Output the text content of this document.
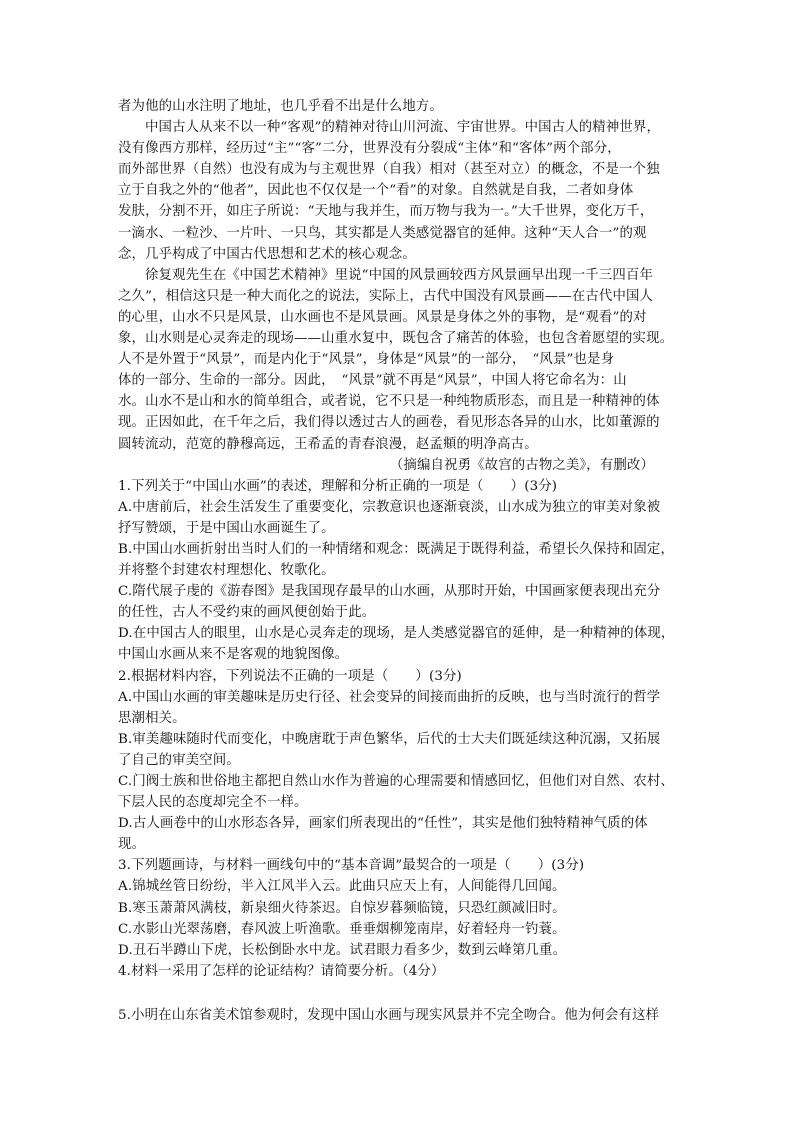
者为他的山水注明了地址，也几乎看不出是什么地方。
中国古人从来不以一种“客观”的精神对待山川河流、宇宙世界。中国古人的精神世界，
没有像西方那样，经历过“主”“客”二分，世界没有分裂成“主体”和“客体”两个部分，
而外部世界（自然）也没有成为与主观世界（自我）相对（甚至对立）的概念，不是一个独
立于自我之外的“他者”，因此也不仅仅是一个“看”的对象。自然就是自我，二者如身体
发肤，分割不开，如庄子所说：“天地与我并生，而万物与我为一。”大千世界，变化万千，
一滴水、一粒沙、一片叶、一只鸟，其实都是人类感觉器官的延伸。这种“天人合一”的观
念，几乎构成了中国古代思想和艺术的核心观念。
徐复观先生在《中国艺术精神》里说“中国的风景画较西方风景画早出现一千三四百年
之久”，相信这只是一种大而化之的说法，实际上，古代中国没有风景画——在古代中国人
的心里，山水不只是风景，山水画也不是风景画。风景是身体之外的事物，是“观看”的对
象，山水则是心灵奔走的现场——山重水复中，既包含了痛苦的体验，也包含着愿望的实现。
人不是外置于“风景”，而是内化于“风景”，身体是“风景”的一部分，　“风景”也是身
体的一部分、生命的一部分。因此，　“风景”就不再是“风景”，中国人将它命名为：山
水。山水不是山和水的简单组合，或者说，它不只是一种纯物质形态，而且是一种精神的体
现。正因如此，在千年之后，我们得以透过古人的画卷，看见形态各异的山水，比如董源的
圆转流动，范宽的静穆高远，王希孟的青春浪漫，赵孟頫的明净高古。
（摘编自祝勇《故宫的古物之美》，有删改）
1.下列关于“中国山水画”的表述，理解和分析正确的一项是（　　）(3分)
A.中唐前后，社会生活发生了重要变化，宗教意识也逐渐衰淡，山水成为独立的审美对象被
抒写赞颂，于是中国山水画诞生了。
B.中国山水画折射出当时人们的一种情绪和观念：既满足于既得利益，希望长久保持和固定，
并将整个封建农村理想化、牧歌化。
C.隋代展子虔的《游春图》是我国现存最早的山水画，从那时开始，中国画家便表现出充分
的任性，古人不受约束的画风便创始于此。
D.在中国古人的眼里，山水是心灵奔走的现场，是人类感觉器官的延伸，是一种精神的体现，
中国山水画从来不是客观的地貌图像。
2.根据材料内容，下列说法不正确的一项是（　　）(3分)
A.中国山水画的审美趣味是历史行径、社会变异的间接而曲折的反映，也与当时流行的哲学
思潮相关。
B.审美趣味随时代而变化，中晚唐耽于声色繁华，后代的士大夫们既延续这种沉溺，又拓展
了自己的审美空间。
C.门阀士族和世俗地主都把自然山水作为普遍的心理需要和情感回忆，但他们对自然、农村、
下层人民的态度却完全不一样。
D.古人画卷中的山水形态各异，画家们所表现出的“任性”，其实是他们独特精神气质的体
现。
3.下列题画诗，与材料一画线句中的“基本音调”最契合的一项是（　　）(3分)
A.锦城丝管日纷纷，半入江风半入云。此曲只应天上有，人间能得几回闻。
B.寒玉萧萧风满枝，新泉细火待茶迟。自惊岁暮频临镜，只恐红颜减旧时。
C.水影山光翠荡磨，春风波上听渔歌。垂垂烟柳笼南岸，好着轻舟一钓蓑。
D.丑石半蹲山下虎，长松倒卧水中龙。试君眼力看多少，数到云峰第几重。
4.材料一采用了怎样的论证结构？请简要分析。（4分）
5.小明在山东省美术馆参观时，发现中国山水画与现实风景并不完全吻合。他为何会有这样
